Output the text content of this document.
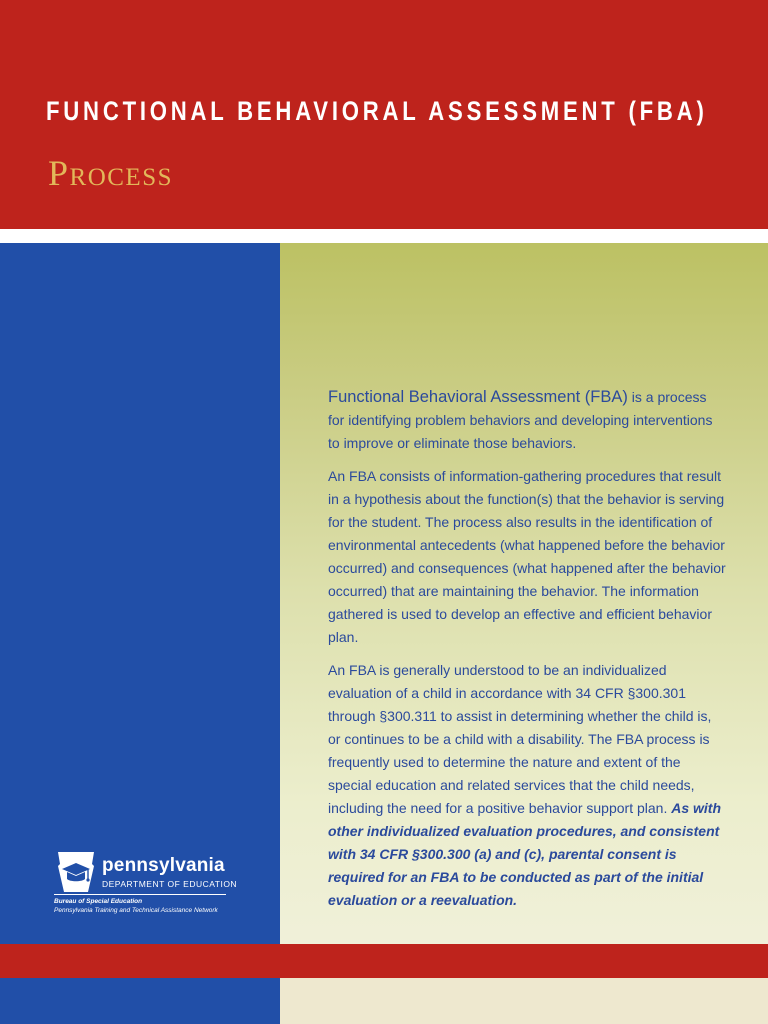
FUNCTIONAL BEHAVIORAL ASSESSMENT (FBA)
Process

Functional Behavioral Assessment (FBA) is a process for identifying problem behaviors and developing interventions to improve or eliminate those behaviors.

An FBA consists of information-gathering procedures that result in a hypothesis about the function(s) that the behavior is serving for the student. The process also results in the identification of environmental antecedents (what happened before the behavior occurred) and consequences (what happened after the behavior occurred) that are maintaining the behavior. The information gathered is used to develop an effective and efficient behavior plan.

An FBA is generally understood to be an individualized evaluation of a child in accordance with 34 CFR §300.301 through §300.311 to assist in determining whether the child is, or continues to be a child with a disability. The FBA process is frequently used to determine the nature and extent of the special education and related services that the child needs, including the need for a positive behavior support plan. As with other individualized evaluation procedures, and consistent with 34 CFR §300.300 (a) and (c), parental consent is required for an FBA to be conducted as part of the initial evaluation or a reevaluation.

pennsylvania
DEPARTMENT OF EDUCATION
Bureau of Special Education
Pennsylvania Training and Technical Assistance Network
